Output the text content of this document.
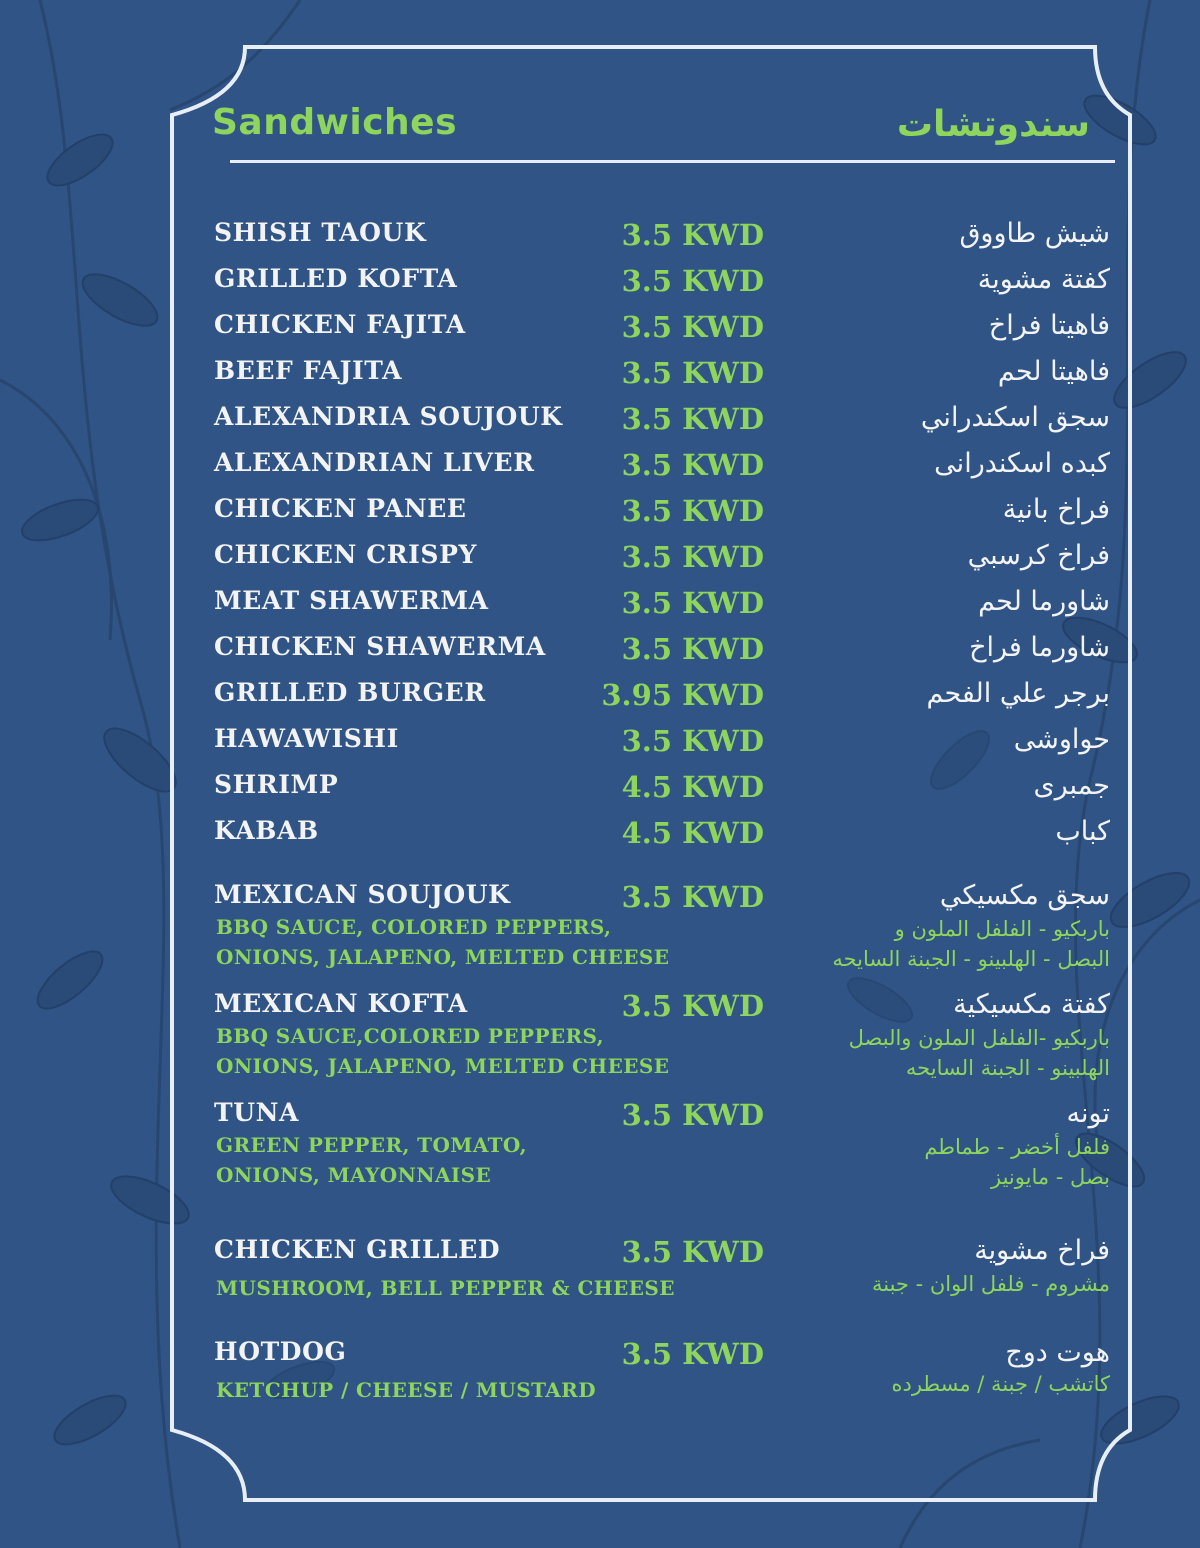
Sandwiches	سندوتشات
SHISH TAOUK	3.5 KWD	شيش طاووق
GRILLED KOFTA	3.5 KWD	كفتة مشوية
CHICKEN FAJITA	3.5 KWD	فاهيتا فراخ
BEEF FAJITA	3.5 KWD	فاهيتا لحم
ALEXANDRIA SOUJOUK 3.5 KWD	سجق اسكندراني
ALEXANDRIAN LIVER	3.5 KWD	كبده اسكندرانى
CHICKEN PANEE	3.5 KWD	فراخ بانية
CHICKEN CRISPY	3.5 KWD	فراخ كرسبي
MEAT SHAWERMA	3.5 KWD	شاورما لحم
CHICKEN SHAWERMA	3.5 KWD	شاورما فراخ
GRILLED BURGER	3.95 KWD	برجر علي الفحم
HAWAWISHI	3.5 KWD	حواوشى
SHRIMP	4.5 KWD	جمبرى
KABAB	4.5 KWD	كباب
MEXICAN SOUJOUK	3.5 KWD	سجق مكسيكي
BBQ SAUCE, COLORED PEPPERS,
ONIONS, JALAPENO, MELTED CHEESE
باربكيو - الفلفل الملون و
البصل - الهلبينو - الجبنة السايحه
MEXICAN KOFTA	3.5 KWD	كفتة مكسيكية
BBQ SAUCE,COLORED PEPPERS,
ONIONS, JALAPENO, MELTED CHEESE
باربكيو -الفلفل الملون والبصل
الهلبينو - الجبنة السايحه
TUNA	3.5 KWD	تونه
GREEN PEPPER, TOMATO,
ONIONS, MAYONNAISE
فلفل أخضر - طماطم
بصل - مايونيز
CHICKEN GRILLED	3.5 KWD	فراخ مشوية
MUSHROOM, BELL PEPPER & CHEESE	مشروم - فلفل الوان - جبنة
HOTDOG	3.5 KWD	هوت دوج
KETCHUP / CHEESE / MUSTARD	كاتشب / جبنة / مسطرده
